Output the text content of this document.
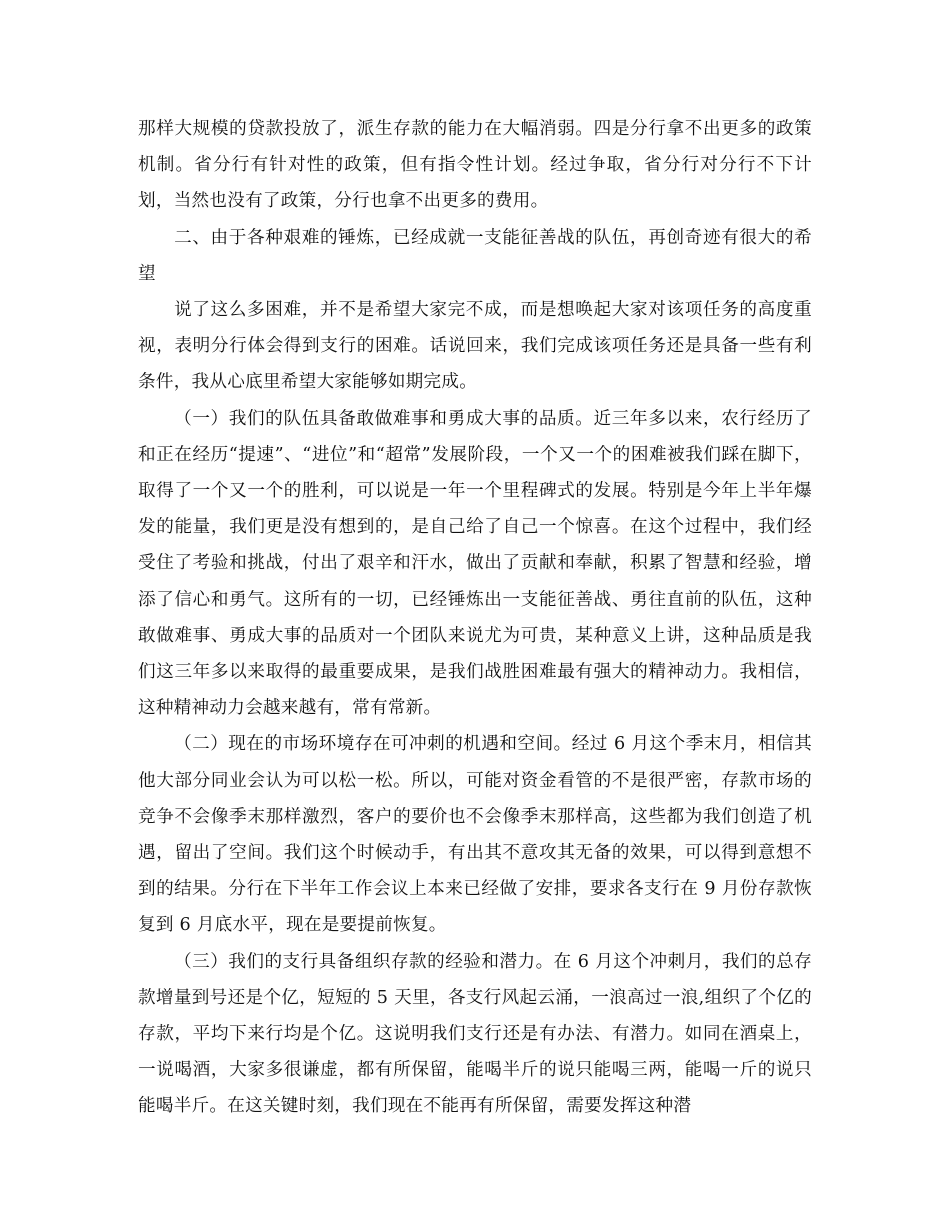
那样大规模的贷款投放了，派生存款的能力在大幅消弱。四是分行拿不出更多的政策机制。省分行有针对性的政策，但有指令性计划。经过争取，省分行对分行不下计划，当然也没有了政策，分行也拿不出更多的费用。

二、由于各种艰难的锤炼，已经成就一支能征善战的队伍，再创奇迹有很大的希望

说了这么多困难，并不是希望大家完不成，而是想唤起大家对该项任务的高度重视，表明分行体会得到支行的困难。话说回来，我们完成该项任务还是具备一些有利条件，我从心底里希望大家能够如期完成。

（一）我们的队伍具备敢做难事和勇成大事的品质。近三年多以来，农行经历了和正在经历“提速”、“进位”和“超常”发展阶段，一个又一个的困难被我们踩在脚下，取得了一个又一个的胜利，可以说是一年一个里程碑式的发展。特别是今年上半年爆发的能量，我们更是没有想到的，是自己给了自己一个惊喜。在这个过程中，我们经受住了考验和挑战，付出了艰辛和汗水，做出了贡献和奉献，积累了智慧和经验，增添了信心和勇气。这所有的一切，已经锤炼出一支能征善战、勇往直前的队伍，这种敢做难事、勇成大事的品质对一个团队来说尤为可贵，某种意义上讲，这种品质是我们这三年多以来取得的最重要成果，是我们战胜困难最有强大的精神动力。我相信，这种精神动力会越来越有，常有常新。

（二）现在的市场环境存在可冲刺的机遇和空间。经过 6 月这个季末月，相信其他大部分同业会认为可以松一松。所以，可能对资金看管的不是很严密，存款市场的竞争不会像季末那样激烈，客户的要价也不会像季末那样高，这些都为我们创造了机遇，留出了空间。我们这个时候动手，有出其不意攻其无备的效果，可以得到意想不到的结果。分行在下半年工作会议上本来已经做了安排，要求各支行在 9 月份存款恢复到 6 月底水平，现在是要提前恢复。

（三）我们的支行具备组织存款的经验和潜力。在 6 月这个冲刺月，我们的总存款增量到号还是个亿，短短的 5 天里，各支行风起云涌，一浪高过一浪,组织了个亿的存款，平均下来行均是个亿。这说明我们支行还是有办法、有潜力。如同在酒桌上，一说喝酒，大家多很谦虚，都有所保留，能喝半斤的说只能喝三两，能喝一斤的说只能喝半斤。在这关键时刻，我们现在不能再有所保留，需要发挥这种潜
